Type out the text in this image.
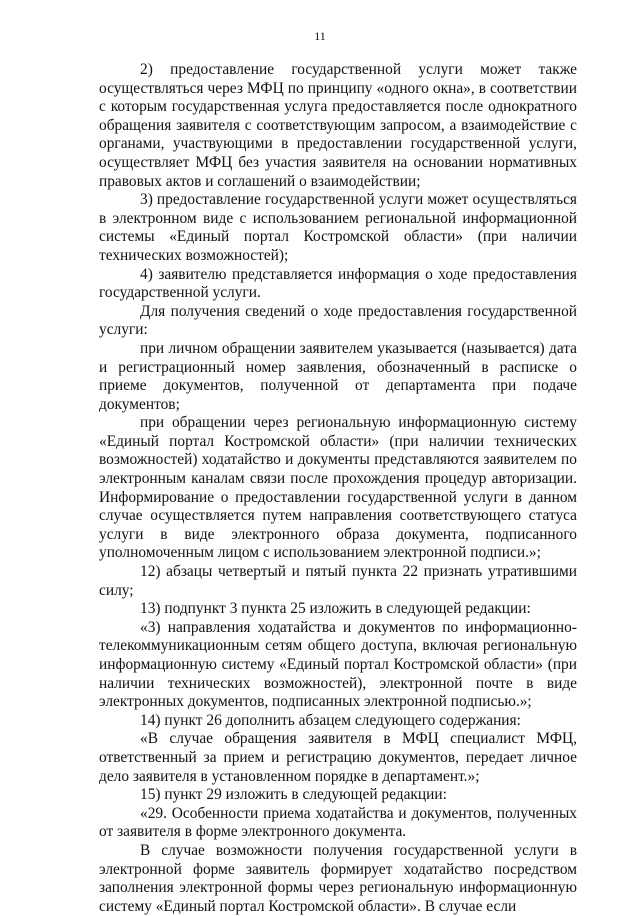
11

2) предоставление государственной услуги может также осуществляться через МФЦ по принципу «одного окна», в соответствии с которым государственная услуга предоставляется после однократного обращения заявителя с соответствующим запросом, а взаимодействие с органами, участвующими в предоставлении государственной услуги, осуществляет МФЦ без участия заявителя на основании нормативных правовых актов и соглашений о взаимодействии;

3) предоставление государственной услуги может осуществляться в электронном виде с использованием региональной информационной системы «Единый портал Костромской области» (при наличии технических возможностей);

4) заявителю представляется информация о ходе предоставления государственной услуги.

Для получения сведений о ходе предоставления государственной услуги:

при личном обращении заявителем указывается (называется) дата и регистрационный номер заявления, обозначенный в расписке о приеме документов, полученной от департамента при подаче документов;

при обращении через региональную информационную систему «Единый портал Костромской области» (при наличии технических возможностей) ходатайство и документы представляются заявителем по электронным каналам связи после прохождения процедур авторизации. Информирование о предоставлении государственной услуги в данном случае осуществляется путем направления соответствующего статуса услуги в виде электронного образа документа, подписанного уполномоченным лицом с использованием электронной подписи.»;

12) абзацы четвертый и пятый пункта 22 признать утратившими силу;

13) подпункт 3 пункта 25 изложить в следующей редакции:

«3) направления ходатайства и документов по информационно-телекоммуникационным сетям общего доступа, включая региональную информационную систему «Единый портал Костромской области» (при наличии технических возможностей), электронной почте в виде электронных документов, подписанных электронной подписью.»;

14) пункт 26 дополнить абзацем следующего содержания:

«В случае обращения заявителя в МФЦ специалист МФЦ, ответственный за прием и регистрацию документов, передает личное дело заявителя в установленном порядке в департамент.»;

15) пункт 29 изложить в следующей редакции:

«29. Особенности приема ходатайства и документов, полученных от заявителя в форме электронного документа.

В случае возможности получения государственной услуги в электронной форме заявитель формирует ходатайство посредством заполнения электронной формы через региональную информационную систему «Единый портал Костромской области». В случае если
